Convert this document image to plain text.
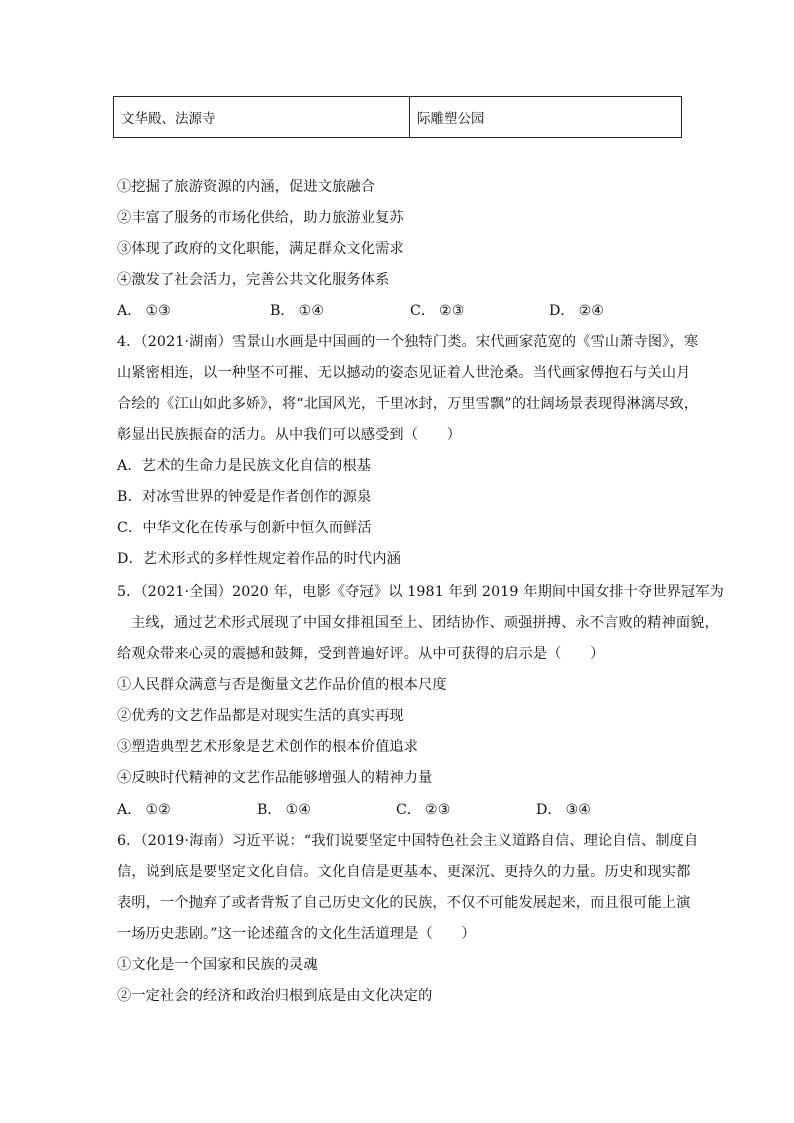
文华殿、法源寺	际雕塑公园
①挖掘了旅游资源的内涵，促进文旅融合
②丰富了服务的市场化供给，助力旅游业复苏
③体现了政府的文化职能，满足群众文化需求
④激发了社会活力，完善公共文化服务体系
A． ①③	B． ①④	C． ②③	D． ②④
4．（2021·湖南）雪景山水画是中国画的一个独特门类。宋代画家范宽的《雪山萧寺图》，寒
山紧密相连，以一种坚不可摧、无以撼动的姿态见证着人世沧桑。当代画家傅抱石与关山月
合绘的《江山如此多娇》，将“北国风光，千里冰封，万里雪飘”的壮阔场景表现得淋漓尽致，
彰显出民族振奋的活力。从中我们可以感受到（　　）
A．艺术的生命力是民族文化自信的根基
B．对冰雪世界的钟爱是作者创作的源泉
C．中华文化在传承与创新中恒久而鲜活
D．艺术形式的多样性规定着作品的时代内涵
5．（2021·全国）2020 年，电影《夺冠》以 1981 年到 2019 年期间中国女排十夺世界冠军为
主线，通过艺术形式展现了中国女排祖国至上、团结协作、顽强拼搏、永不言败的精神面貌，
给观众带来心灵的震撼和鼓舞，受到普遍好评。从中可获得的启示是（　　）
①人民群众满意与否是衡量文艺作品价值的根本尺度
②优秀的文艺作品都是对现实生活的真实再现
③塑造典型艺术形象是艺术创作的根本价值追求
④反映时代精神的文艺作品能够增强人的精神力量
A． ①②	B． ①④	C． ②③	D． ③④
6．（2019·海南）习近平说：“我们说要坚定中国特色社会主义道路自信、理论自信、制度自
信，说到底是要坚定文化自信。文化自信是更基本、更深沉、更持久的力量。历史和现实都
表明，一个抛弃了或者背叛了自己历史文化的民族，不仅不可能发展起来，而且很可能上演
一场历史悲剧。”这一论述蕴含的文化生活道理是（　　）
①文化是一个国家和民族的灵魂
②一定社会的经济和政治归根到底是由文化决定的
